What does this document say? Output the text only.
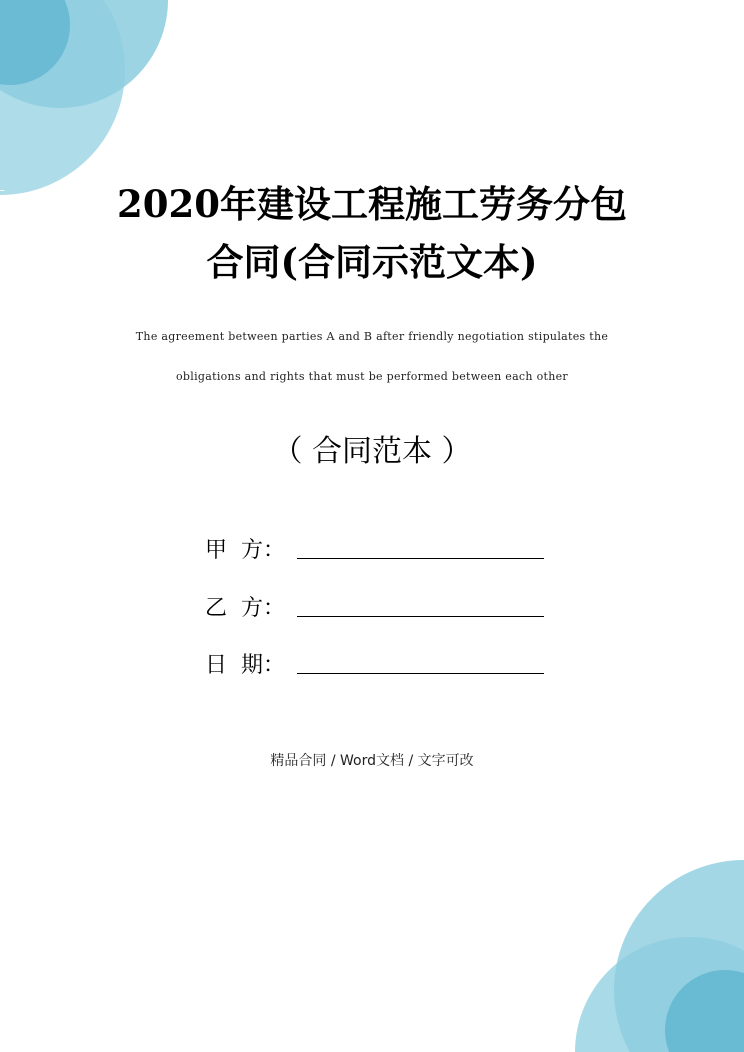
2020年建设工程施工劳务分包
合同(合同示范文本)
The agreement between parties A and B after friendly negotiation stipulates the
obligations and rights that must be performed between each other
（ 合同范本 ）
甲  方：
乙  方：
日  期：
精品合同 / Word文档 / 文字可改
